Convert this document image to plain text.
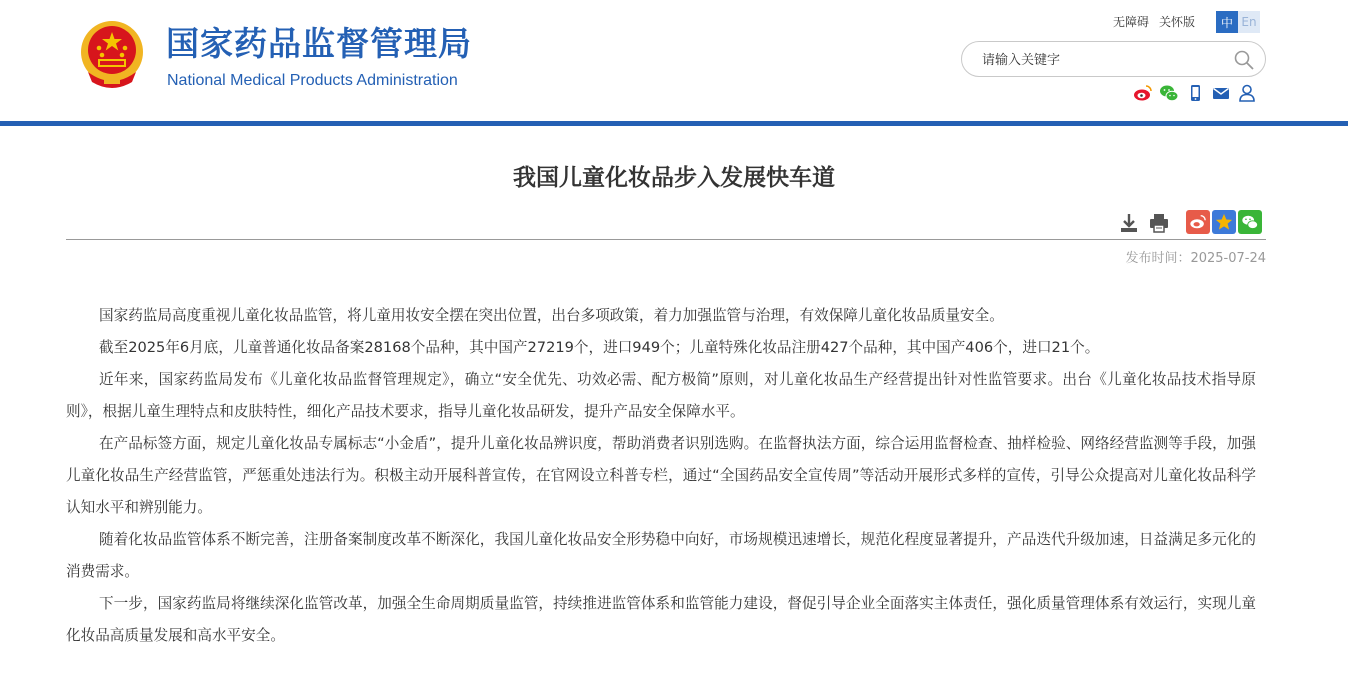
国家药品监督管理局
National Medical Products Administration
无障碍 关怀版	中 En
请输入关键字
我国儿童化妆品步入发展快车道
发布时间：2025-07-24

国家药监局高度重视儿童化妆品监管，将儿童用妆安全摆在突出位置，出台多项政策，着力加强监管与治理，有效保障儿童化妆品质量安全。

截至2025年6月底，儿童普通化妆品备案28168个品种，其中国产27219个，进口949个；儿童特殊化妆品注册427个品种，其中国产406个，进口21个。

近年来，国家药监局发布《儿童化妆品监督管理规定》，确立“安全优先、功效必需、配方极简”原则，对儿童化妆品生产经营提出针对性监管要求。出台《儿童化妆品技术指导原则》，根据儿童生理特点和皮肤特性，细化产品技术要求，指导儿童化妆品研发，提升产品安全保障水平。

在产品标签方面，规定儿童化妆品专属标志“小金盾”，提升儿童化妆品辨识度，帮助消费者识别选购。在监督执法方面，综合运用监督检查、抽样检验、网络经营监测等手段，加强儿童化妆品生产经营监管，严惩重处违法行为。积极主动开展科普宣传，在官网设立科普专栏，通过“全国药品安全宣传周”等活动开展形式多样的宣传，引导公众提高对儿童化妆品科学认知水平和辨别能力。

随着化妆品监管体系不断完善，注册备案制度改革不断深化，我国儿童化妆品安全形势稳中向好，市场规模迅速增长，规范化程度显著提升，产品迭代升级加速，日益满足多元化的消费需求。

下一步，国家药监局将继续深化监管改革，加强全生命周期质量监管，持续推进监管体系和监管能力建设，督促引导企业全面落实主体责任，强化质量管理体系有效运行，实现儿童化妆品高质量发展和高水平安全。
